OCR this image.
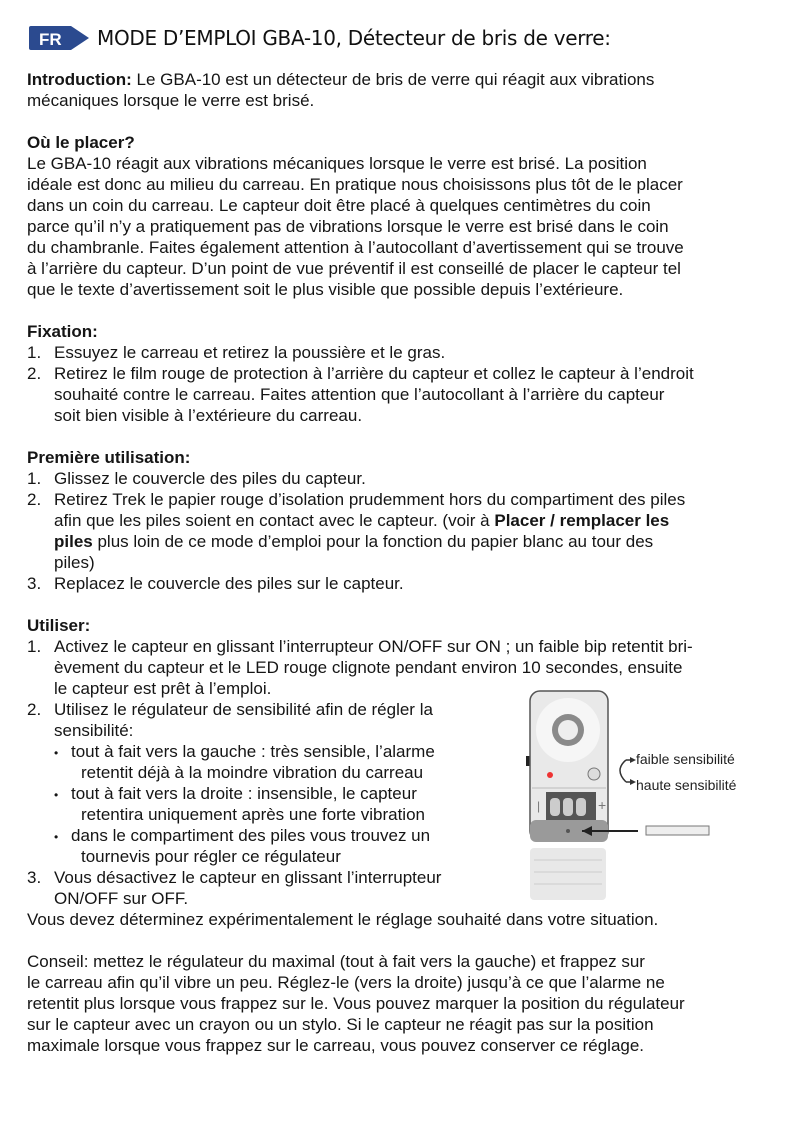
FR MODE D’EMPLOI GBA-10, Détecteur de bris de verre:
Introduction: Le GBA-10 est un détecteur de bris de verre qui réagit aux vibrations
mécaniques lorsque le verre est brisé.
Où le placer?
Le GBA-10 réagit aux vibrations mécaniques lorsque le verre est brisé. La position
idéale est donc au milieu du carreau. En pratique nous choisissons plus tôt de le placer
dans un coin du carreau. Le capteur doit être placé à quelques centimètres du coin
parce qu’il n’y a pratiquement pas de vibrations lorsque le verre est brisé dans le coin
du chambranle. Faites également attention à l’autocollant d’avertissement qui se trouve
à l’arrière du capteur. D’un point de vue préventif il est conseillé de placer le capteur tel
que le texte d’avertissement soit le plus visible que possible depuis l’extérieure.
Fixation:
1. Essuyez le carreau et retirez la poussière et le gras.
2. Retirez le film rouge de protection à l’arrière du capteur et collez le capteur à l’endroit
souhaité contre le carreau. Faites attention que l’autocollant à l’arrière du capteur
soit bien visible à l’extérieure du carreau.
Première utilisation:
1. Glissez le couvercle des piles du capteur.
2. Retirez Trek le papier rouge d’isolation prudemment hors du compartiment des piles
afin que les piles soient en contact avec le capteur. (voir à Placer / remplacer les
piles plus loin de ce mode d’emploi pour la fonction du papier blanc au tour des
piles)
3. Replacez le couvercle des piles sur le capteur.
Utiliser:
1. Activez le capteur en glissant l’interrupteur ON/OFF sur ON ; un faible bip retentit bri-
èvement du capteur et le LED rouge clignote pendant environ 10 secondes, ensuite
le capteur est prêt à l’emploi.
2. Utilisez le régulateur de sensibilité afin de régler la
sensibilité:
• tout à fait vers la gauche : très sensible, l’alarme
retentit déjà à la moindre vibration du carreau
• tout à fait vers la droite : insensible, le capteur
retentira uniquement après une forte vibration
• dans le compartiment des piles vous trouvez un
tournevis pour régler ce régulateur
3. Vous désactivez le capteur en glissant l’interrupteur
ON/OFF sur OFF.
Vous devez déterminez expérimentalement le réglage souhaité dans votre situation.
Conseil: mettez le régulateur du maximal (tout à fait vers la gauche) et frappez sur
le carreau afin qu’il vibre un peu. Réglez-le (vers la droite) jusqu’à ce que l’alarme ne
retentit plus lorsque vous frappez sur le. Vous pouvez marquer la position du régulateur
sur le capteur avec un crayon ou un stylo. Si le capteur ne réagit pas sur la position
maximale lorsque vous frappez sur le carreau, vous pouvez conserver ce réglage.
|	+
faible sensibilité
haute sensibilité
